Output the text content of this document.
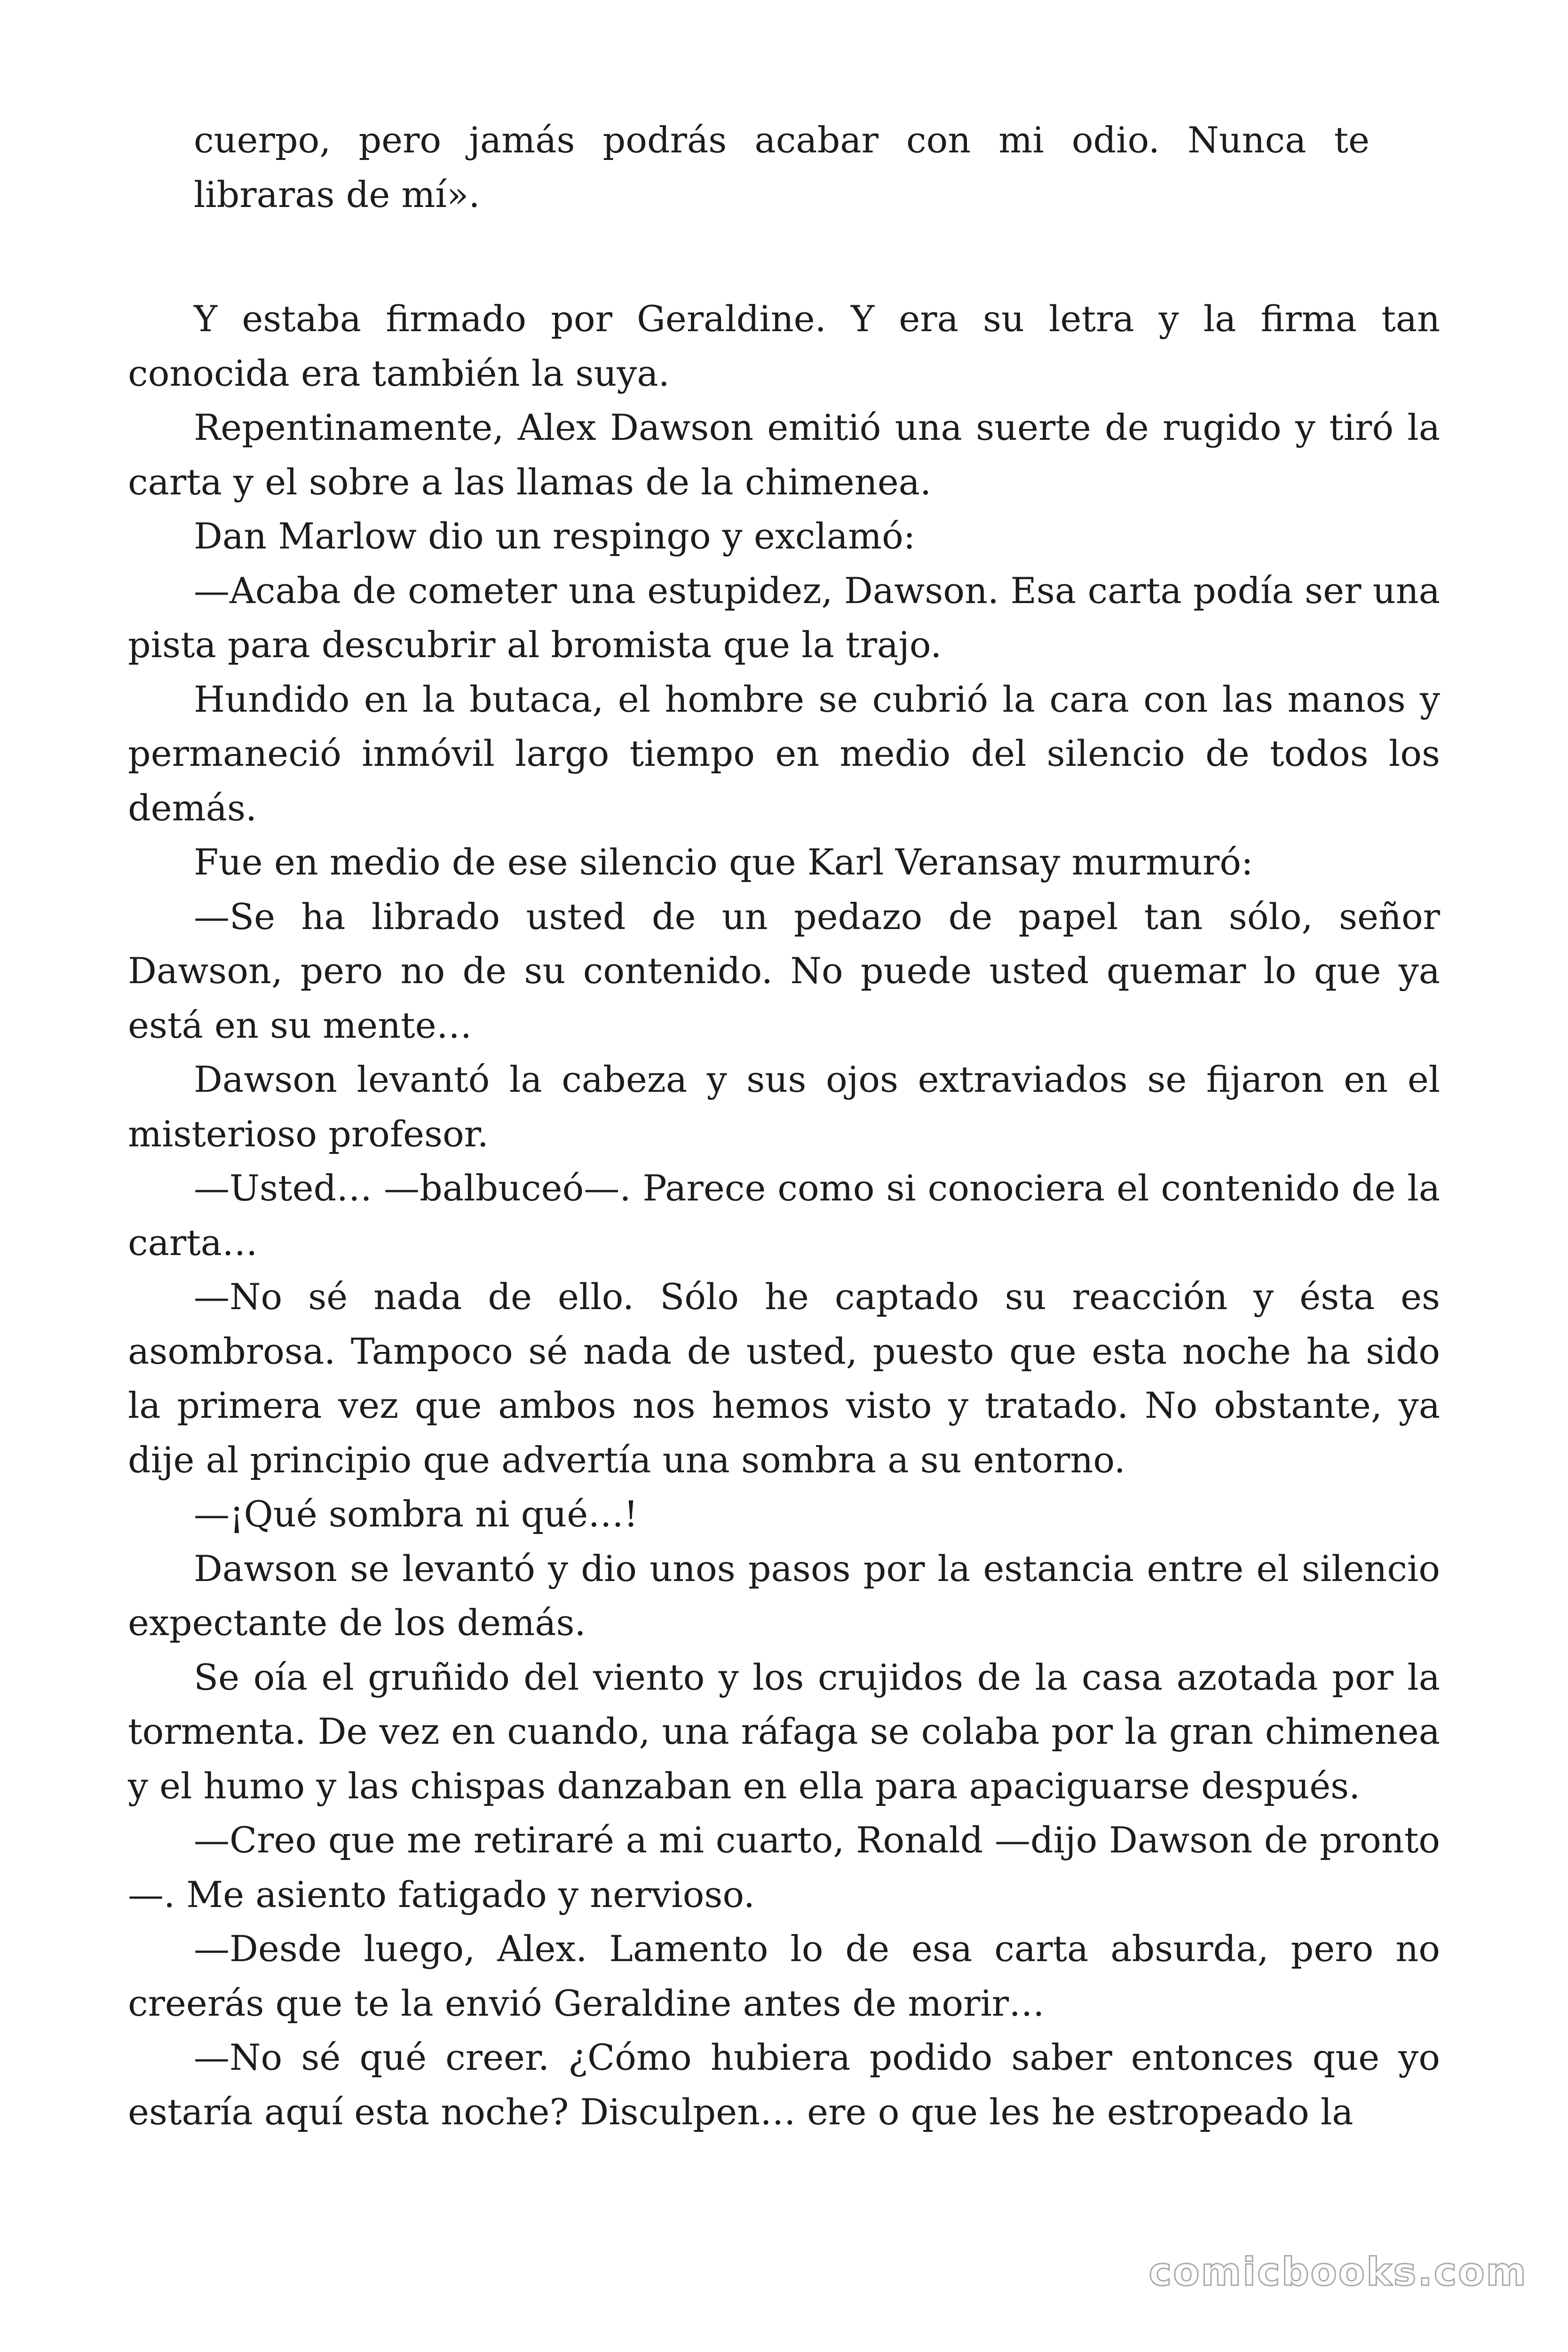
cuerpo, pero jamás podrás acabar con mi odio. Nunca te libraras de mí».

Y estaba firmado por Geraldine. Y era su letra y la firma tan conocida era también la suya.

Repentinamente, Alex Dawson emitió una suerte de rugido y tiró la carta y el sobre a las llamas de la chimenea.

Dan Marlow dio un respingo y exclamó:

—Acaba de cometer una estupidez, Dawson. Esa carta podía ser una pista para descubrir al bromista que la trajo.

Hundido en la butaca, el hombre se cubrió la cara con las manos y permaneció inmóvil largo tiempo en medio del silencio de todos los demás.

Fue en medio de ese silencio que Karl Veransay murmuró:

—Se ha librado usted de un pedazo de papel tan sólo, señor Dawson, pero no de su contenido. No puede usted quemar lo que ya está en su mente…

Dawson levantó la cabeza y sus ojos extraviados se fijaron en el misterioso profesor.

—Usted… —balbuceó—. Parece como si conociera el contenido de la carta…

—No sé nada de ello. Sólo he captado su reacción y ésta es asombrosa. Tampoco sé nada de usted, puesto que esta noche ha sido la primera vez que ambos nos hemos visto y tratado. No obstante, ya dije al principio que advertía una sombra a su entorno.

—¡Qué sombra ni qué…!

Dawson se levantó y dio unos pasos por la estancia entre el silencio expectante de los demás.

Se oía el gruñido del viento y los crujidos de la casa azotada por la tormenta. De vez en cuando, una ráfaga se colaba por la gran chimenea y el humo y las chispas danzaban en ella para apaciguarse después.

—Creo que me retiraré a mi cuarto, Ronald —dijo Dawson de pronto—. Me asiento fatigado y nervioso.

—Desde luego, Alex. Lamento lo de esa carta absurda, pero no creerás que te la envió Geraldine antes de morir…

—No sé qué creer. ¿Cómo hubiera podido saber entonces que yo estaría aquí esta noche? Disculpen… ere o que les he estropeado la

comicbooks.com
